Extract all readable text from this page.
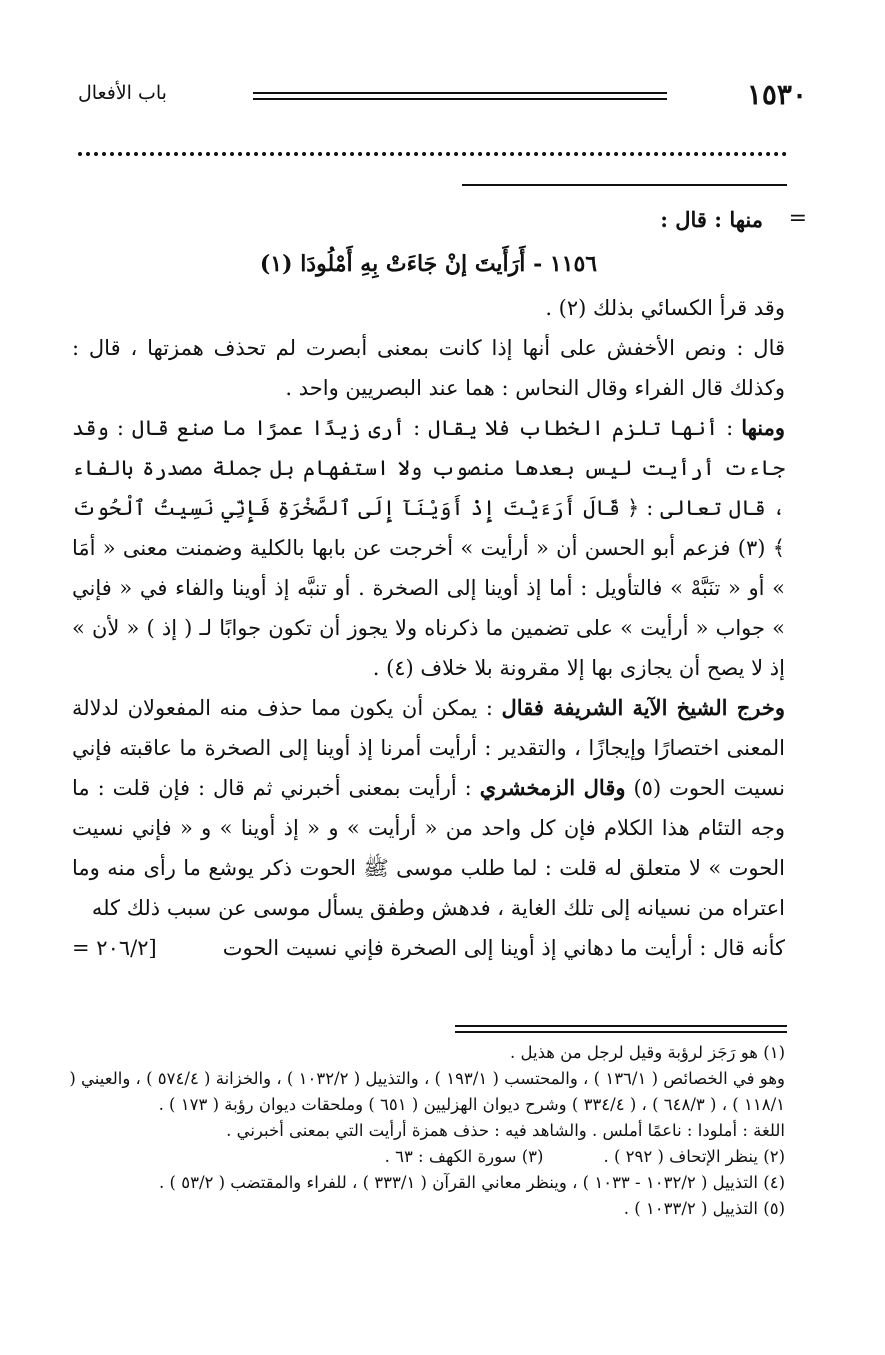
١٥٣٠
باب الأفعال
=

منها : قال :

١١٥٦ - أَرَأَيتَ إنْ جَاءَتْ بِهِ أَمْلُودَا (١)

وقد قرأ الكسائي بذلك (٢) .

قال : ونص الأخفش على أنها إذا كانت بمعنى أبصرت لم تحذف همزتها ، قال : وكذلك قال الفراء وقال النحاس : هما عند البصريين واحد .

ومنها : أنها تلزم الخطاب فلا يقال : أرى زيدًا عمرًا ما صنع قال : وقد جاءت أرأيت ليس بعدها منصوب ولا استفهام بل جملة مصدرة بالفاء ، قال تعالى : ﴿ قَالَ أَرَءَيْتَ إِذْ أَوَيْنَآ إِلَى ٱلصَّخْرَةِ فَإِنِّي نَسِيتُ ٱلْحُوتَ ﴾ (٣) فزعم أبو الحسن أن « أرأيت » أخرجت عن بابها بالكلية وضمنت معنى « أمَا » أو « تنَبَّهْ » فالتأويل : أما إذ أوينا إلى الصخرة . أو تنبَّه إذ أوينا والفاء في « فإني » جواب « أرأيت » على تضمين ما ذكرناه ولا يجوز أن تكون جوابًا لـ ( إذ ) « لأن » إذ لا يصح أن يجازى بها إلا مقرونة بلا خلاف (٤) .

وخرج الشيخ الآية الشريفة فقال : يمكن أن يكون مما حذف منه المفعولان لدلالة المعنى اختصارًا وإيجازًا ، والتقدير : أرأيت أمرنا إذ أوينا إلى الصخرة ما عاقبته فإني نسيت الحوت (٥) وقال الزمخشري : أرأيت بمعنى أخبرني ثم قال : فإن قلت : ما وجه التئام هذا الكلام فإن كل واحد من « أرأيت » و « إذ أوينا » و « فإني نسيت الحوت » لا متعلق له قلت : لما طلب موسى ﷺ الحوت ذكر يوشع ما رأى منه وما اعتراه من نسيانه إلى تلك الغاية ، فدهش وطفق يسأل موسى عن سبب ذلك كله

كأنه قال : أرأيت ما دهاني إذ أوينا إلى الصخرة فإني نسيت الحوت
[٢٠٦/٢ =

(١) هو رَجَز لرؤبة وقيل لرجل من هذيل .

وهو في الخصائص ( ١٣٦/١ ) ، والمحتسب ( ١٩٣/١ ) ، والتذييل ( ١٠٣٢/٢ ) ، والخزانة ( ٥٧٤/٤ ) ، والعيني ( ١١٨/١ ) ، ( ٦٤٨/٣ ) ، ( ٣٣٤/٤ ) وشرح ديوان الهزليين ( ٦٥١ ) وملحقات ديوان رؤبة ( ١٧٣ ) .

اللغة : أملودا : ناعمًا أملس . والشاهد فيه : حذف همزة أرأيت التي بمعنى أخبرني .

(٢) ينظر الإتحاف ( ٢٩٢ ) .
(٣) سورة الكهف : ٦٣ .

(٤) التذييل ( ١٠٣٢/٢ - ١٠٣٣ ) ، وينظر معاني القرآن ( ٣٣٣/١ ) ، للفراء والمقتضب ( ٥٣/٢ ) .

(٥) التذييل ( ١٠٣٣/٢ ) .
